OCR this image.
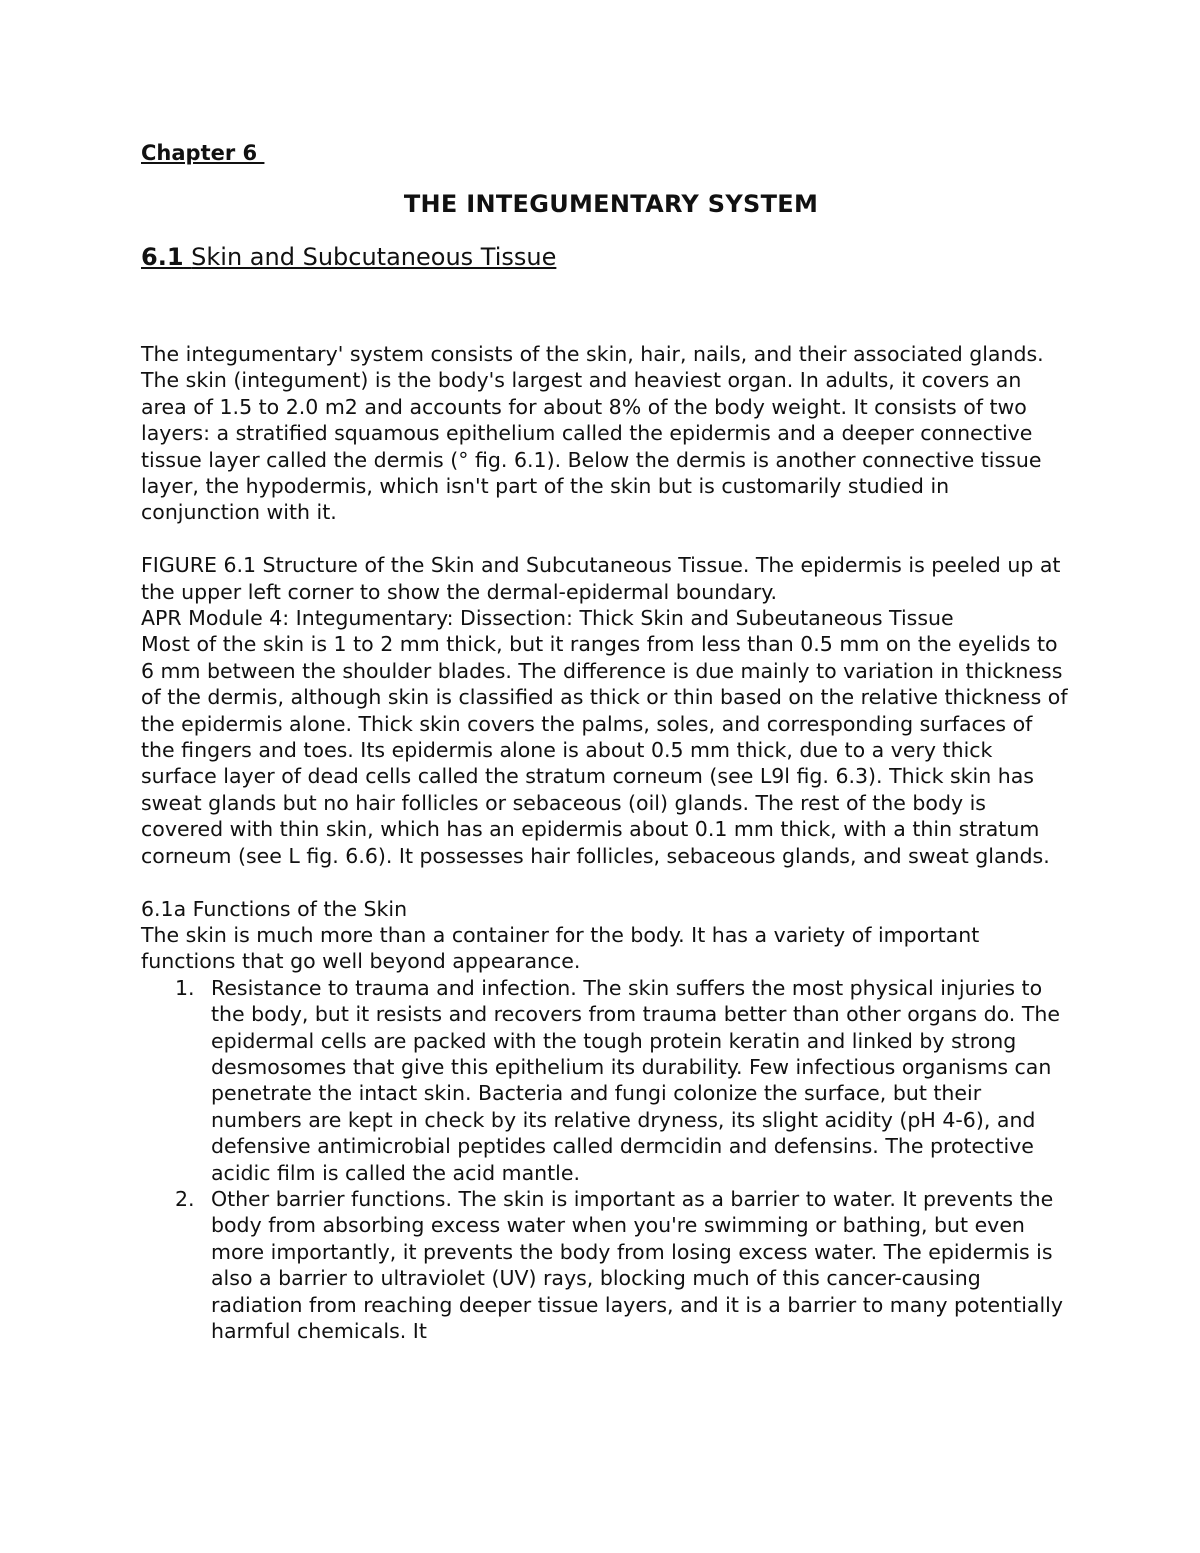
Chapter 6
THE INTEGUMENTARY SYSTEM
6.1 Skin and Subcutaneous Tissue

The integumentary' system consists of the skin, hair, nails, and their associated glands. The skin (integument) is the body's largest and heaviest organ. In adults, it covers an area of 1.5 to 2.0 m2 and accounts for about 8% of the body weight. It consists of two layers: a stratified squamous epithelium called the epidermis and a deeper connective tissue layer called the dermis (° fig. 6.1). Below the dermis is another connective tissue layer, the hypodermis, which isn't part of the skin but is customarily studied in conjunction with it.

FIGURE 6.1 Structure of the Skin and Subcutaneous Tissue. The epidermis is peeled up at the upper left corner to show the dermal-epidermal boundary.

APR Module 4: Integumentary: Dissection: Thick Skin and Subeutaneous Tissue

Most of the skin is 1 to 2 mm thick, but it ranges from less than 0.5 mm on the eyelids to 6 mm between the shoulder blades. The difference is due mainly to variation in thickness of the dermis, although skin is classified as thick or thin based on the relative thickness of the epidermis alone. Thick skin covers the palms, soles, and corresponding surfaces of the fingers and toes. Its epidermis alone is about 0.5 mm thick, due to a very thick surface layer of dead cells called the stratum corneum (see L9l fig. 6.3). Thick skin has sweat glands but no hair follicles or sebaceous (oil) glands. The rest of the body is covered with thin skin, which has an epidermis about 0.1 mm thick, with a thin stratum corneum (see L fig. 6.6). It possesses hair follicles, sebaceous glands, and sweat glands.

6.1a Functions of the Skin

The skin is much more than a container for the body. It has a variety of important functions that go well beyond appearance.

1. Resistance to trauma and infection. The skin suffers the most physical injuries to the body, but it resists and recovers from trauma better than other organs do. The epidermal cells are packed with the tough protein keratin and linked by strong desmosomes that give this epithelium its durability. Few infectious organisms can penetrate the intact skin. Bacteria and fungi colonize the surface, but their numbers are kept in check by its relative dryness, its slight acidity (pH 4-6), and defensive antimicrobial peptides called dermcidin and defensins. The protective acidic film is called the acid mantle.
2. Other barrier functions. The skin is important as a barrier to water. It prevents the body from absorbing excess water when you're swimming or bathing, but even more importantly, it prevents the body from losing excess water. The epidermis is also a barrier to ultraviolet (UV) rays, blocking much of this cancer-causing radiation from reaching deeper tissue layers, and it is a barrier to many potentially harmful chemicals. It
